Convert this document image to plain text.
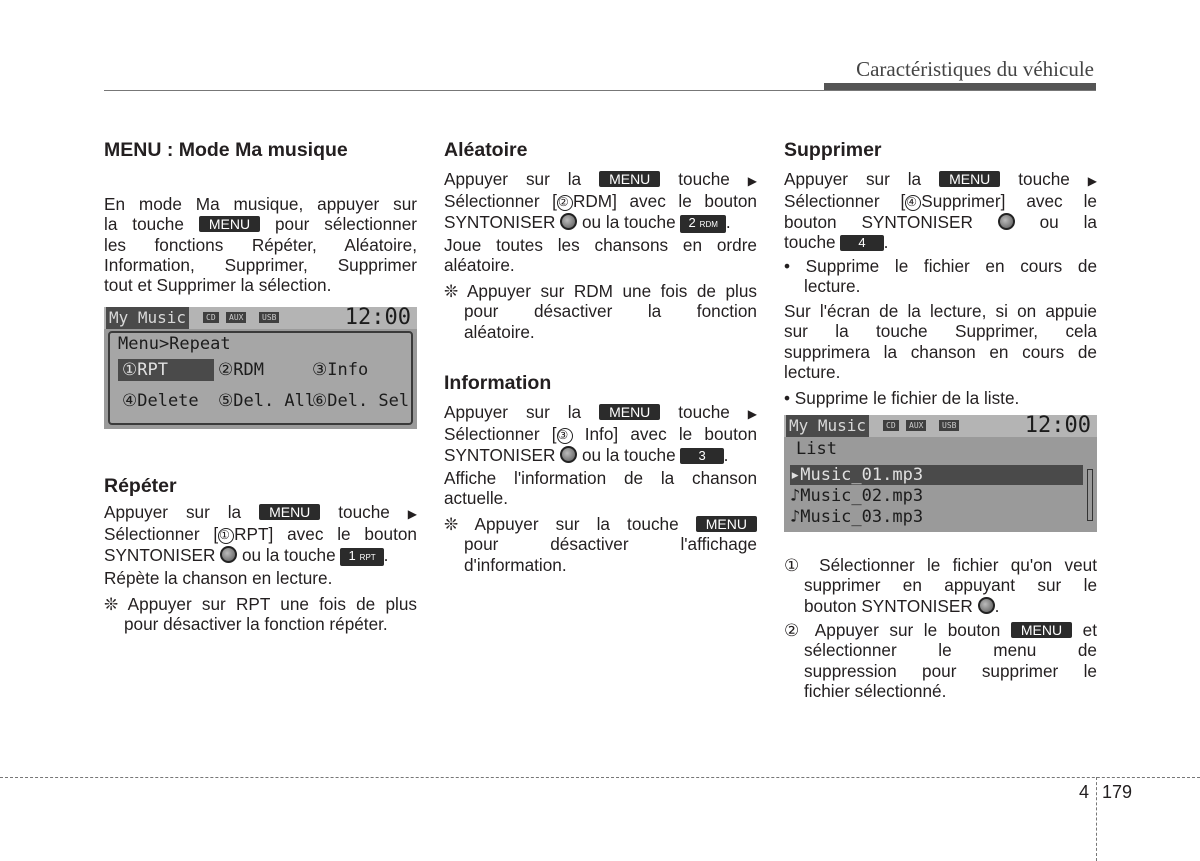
Caractéristiques du véhicule
MENU : Mode Ma musique
En mode Ma musique, appuyer sur
la touche MENU pour sélectionner
les fonctions Répéter, Aléatoire,
Information, Supprimer, Supprimer
tout et Supprimer la sélection.
My Music	CD	AUX	USB	12:00
Menu>Repeat
①RPT	②RDM	③Info
④Delete ⑤Del. All
⑥Del. Sel
Répéter
Appuyer sur la MENU touche ▶
Sélectionner [① RPT] avec le bouton
SYNTONISER ou la touche 1 RPT .
Répète la chanson en lecture.
❊ Appuyer sur RPT une fois de plus
pour désactiver la fonction répéter.
Aléatoire
Appuyer sur la MENU touche ▶
Sélectionner [② RDM] avec le bouton
SYNTONISER ou la touche 2 RDM .
Joue toutes les chansons en ordre
aléatoire.
❊ Appuyer sur RDM une fois de plus
pour désactiver la fonction
aléatoire.
Information
Appuyer sur la MENU touche ▶
Sélectionner [③ Info] avec le bouton
SYNTONISER ou la touche 3 .
Affiche l'information de la chanson
actuelle.
❊ Appuyer sur la touche MENU
pour désactiver l'affichage
d'information.
Supprimer
Appuyer sur la MENU touche ▶
Sélectionner [④ Supprimer] avec le
bouton SYNTONISER	ou la
touche 4 .
• Supprime le fichier en cours de
lecture.
Sur l'écran de la lecture, si on appuie
sur la touche Supprimer, cela
supprimera la chanson en cours de
lecture.
• Supprime le fichier de la liste.
My Music	CD	AUX	USB	12:00
List
▸Music_01.mp3
♪Music_02.mp3
♪Music_03.mp3
① Sélectionner le fichier qu'on veut
supprimer en appuyant sur le
bouton SYNTONISER .
② Appuyer sur le bouton MENU et
sélectionner le menu de
suppression pour supprimer le
fichier sélectionné.
4 179
